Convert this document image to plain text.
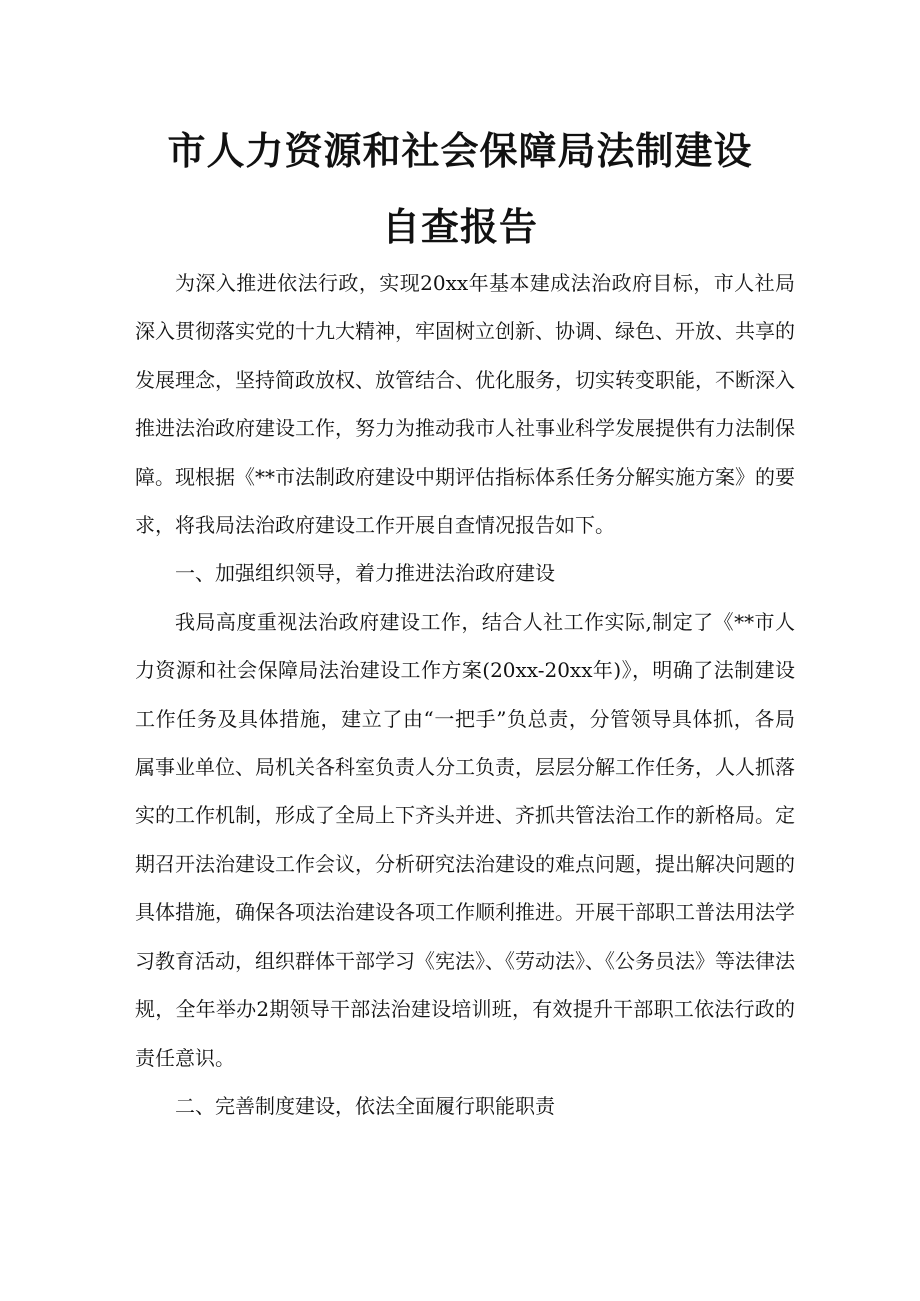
市人力资源和社会保障局法制建设
自查报告

为深入推进依法行政，实现20xx年基本建成法治政府目标，市人社局深入贯彻落实党的十九大精神，牢固树立创新、协调、绿色、开放、共享的发展理念，坚持简政放权、放管结合、优化服务，切实转变职能，不断深入推进法治政府建设工作，努力为推动我市人社事业科学发展提供有力法制保障。现根据《**市法制政府建设中期评估指标体系任务分解实施方案》的要求，将我局法治政府建设工作开展自查情况报告如下。

一、加强组织领导，着力推进法治政府建设

我局高度重视法治政府建设工作，结合人社工作实际,制定了《**市人力资源和社会保障局法治建设工作方案(20xx-20xx年)》，明确了法制建设工作任务及具体措施，建立了由“一把手”负总责，分管领导具体抓，各局属事业单位、局机关各科室负责人分工负责，层层分解工作任务，人人抓落实的工作机制，形成了全局上下齐头并进、齐抓共管法治工作的新格局。定期召开法治建设工作会议，分析研究法治建设的难点问题，提出解决问题的具体措施，确保各项法治建设各项工作顺利推进。开展干部职工普法用法学习教育活动，组织群体干部学习《宪法》、《劳动法》、《公务员法》等法律法规，全年举办2期领导干部法治建设培训班，有效提升干部职工依法行政的责任意识。

二、完善制度建设，依法全面履行职能职责
